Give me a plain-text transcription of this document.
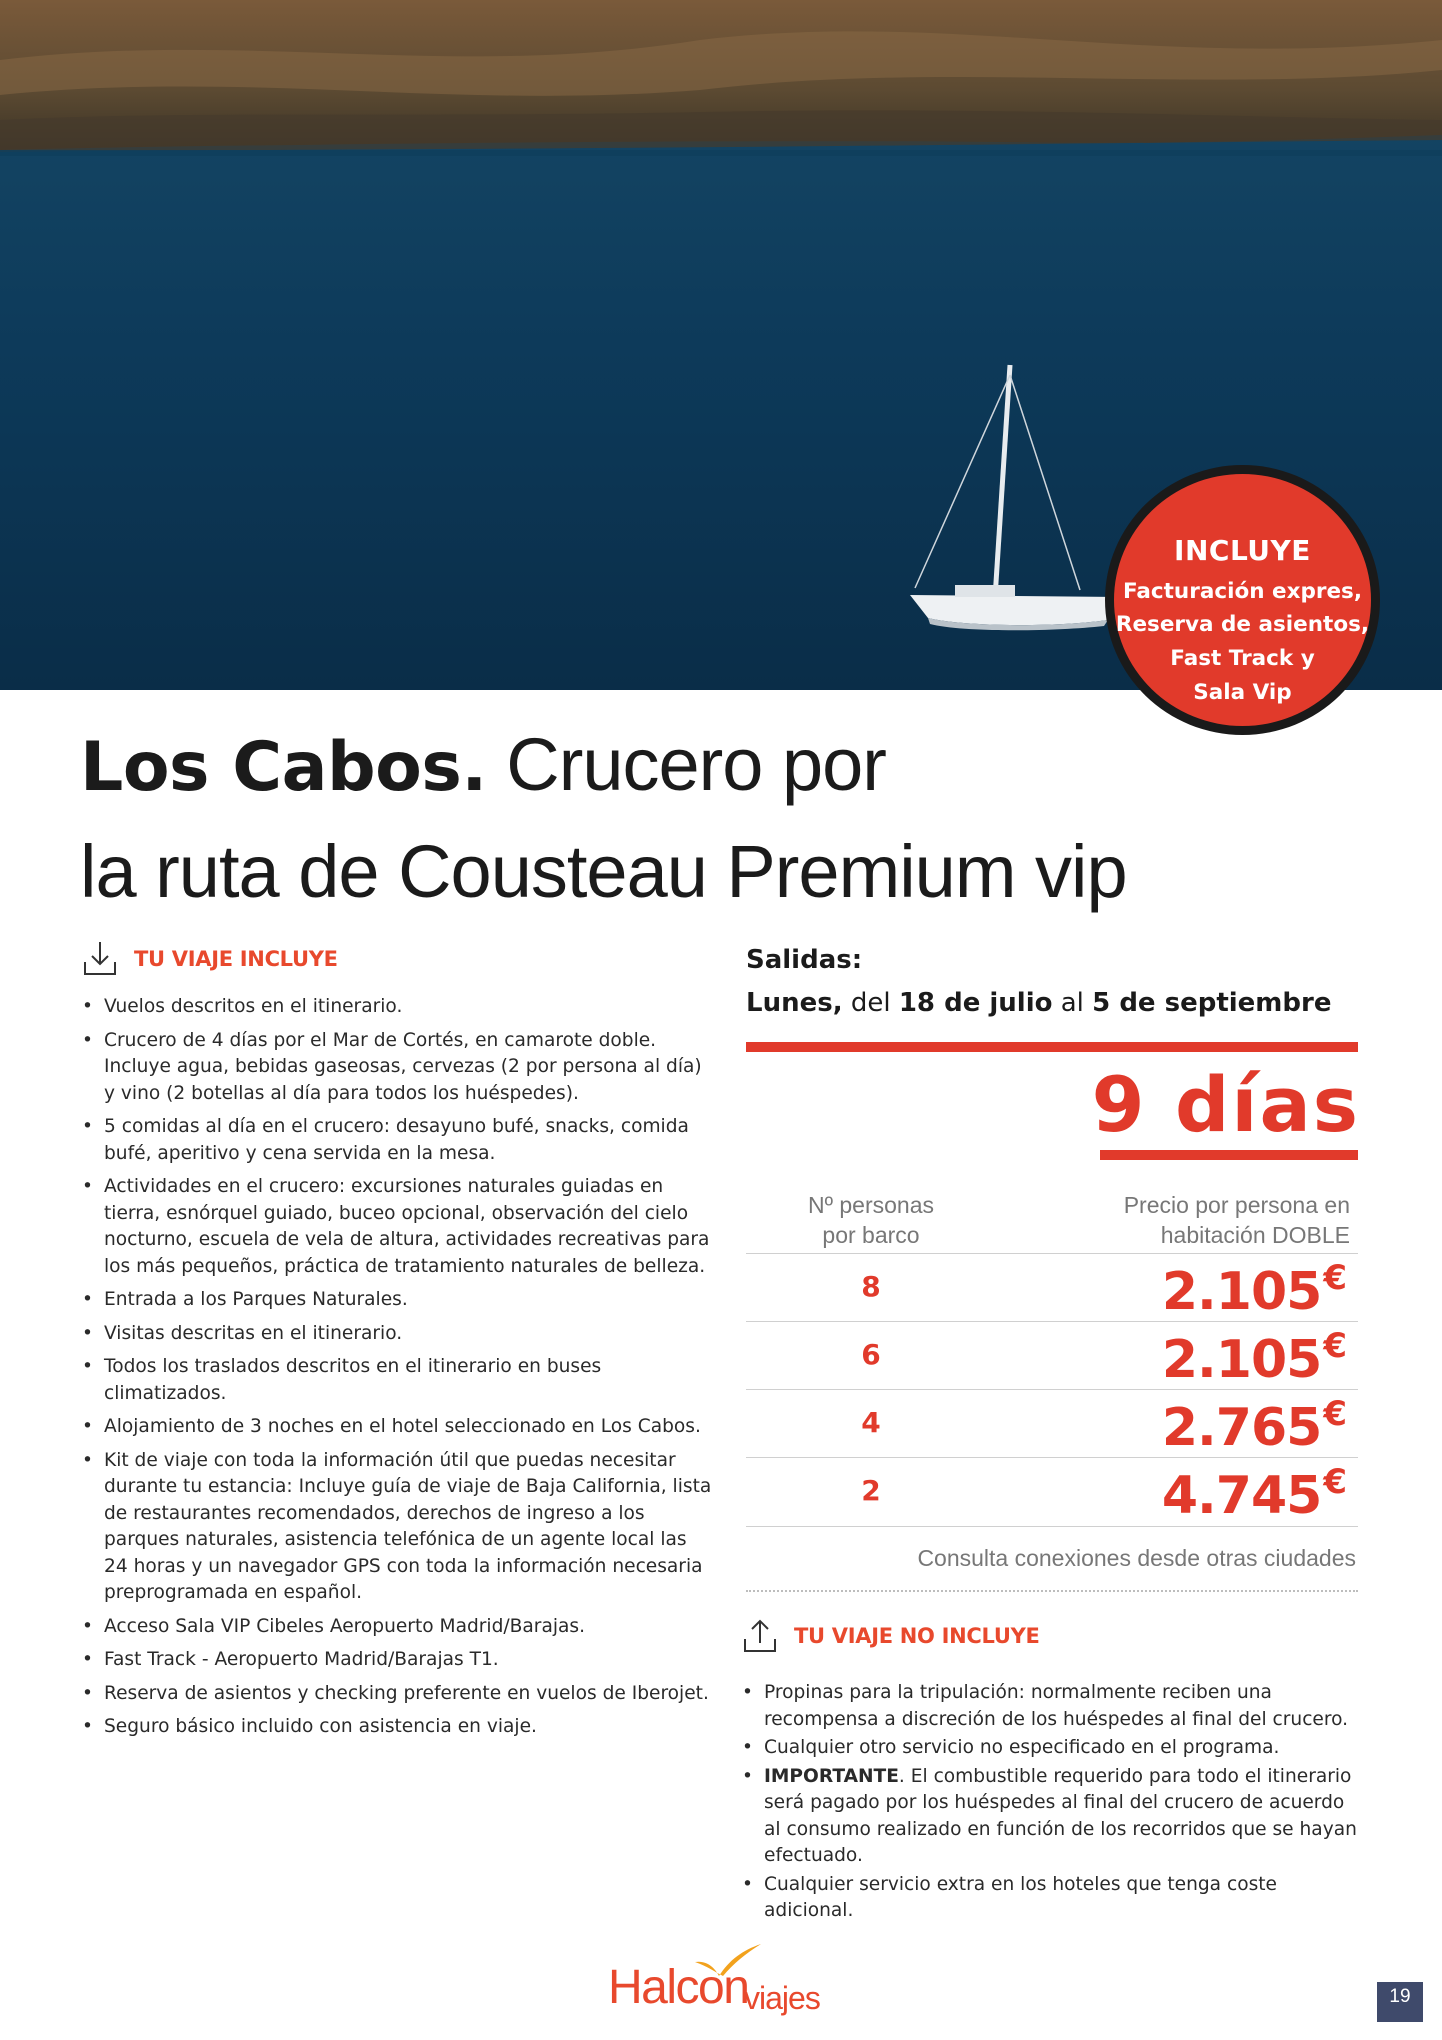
INCLUYE
Facturación expres,
Reserva de asientos,
Fast Track y
Sala Vip
Los Cabos. Crucero por
la ruta de Cousteau Premium vip
TU VIAJE INCLUYE
• Vuelos descritos en el itinerario.
• Crucero de 4 días por el Mar de Cortés, en camarote doble. Incluye agua, bebidas gaseosas, cervezas (2 por persona al día) y vino (2 botellas al día para todos los huéspedes).
• 5 comidas al día en el crucero: desayuno bufé, snacks, comida bufé, aperitivo y cena servida en la mesa.
• Actividades en el crucero: excursiones naturales guiadas en tierra, esnórquel guiado, buceo opcional, observación del cielo nocturno, escuela de vela de altura, actividades recreativas para los más pequeños, práctica de tratamiento naturales de belleza.
• Entrada a los Parques Naturales.
• Visitas descritas en el itinerario.
• Todos los traslados descritos en el itinerario en buses climatizados.
• Alojamiento de 3 noches en el hotel seleccionado en Los Cabos.
• Kit de viaje con toda la información útil que puedas necesitar durante tu estancia: Incluye guía de viaje de Baja California, lista de restaurantes recomendados, derechos de ingreso a los parques naturales, asistencia telefónica de un agente local las 24 horas y un navegador GPS con toda la información necesaria preprogramada en español.
• Acceso Sala VIP Cibeles Aeropuerto Madrid/Barajas.
• Fast Track - Aeropuerto Madrid/Barajas T1.
• Reserva de asientos y checking preferente en vuelos de Iberojet.
• Seguro básico incluido con asistencia en viaje.
Salidas:
Lunes, del 18 de julio al 5 de septiembre
9 días
Nº personas
por barco
Precio por persona en
habitación DOBLE
8	2.105€
6	2.105€
4	2.765€
2	4.745€
Consulta conexiones desde otras ciudades
TU VIAJE NO INCLUYE
• Propinas para la tripulación: normalmente reciben una recompensa a discreción de los huéspedes al final del crucero.
• Cualquier otro servicio no especificado en el programa.
• IMPORTANTE. El combustible requerido para todo el itinerario será pagado por los huéspedes al final del crucero de acuerdo al consumo realizado en función de los recorridos que se hayan efectuado.
• Cualquier servicio extra en los hoteles que tenga coste adicional.
Halcon
viajes	19
